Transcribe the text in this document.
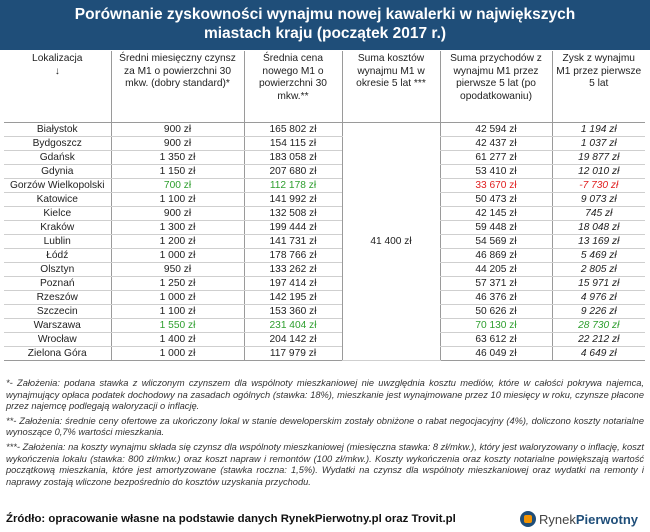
Porównanie zyskowności wynajmu nowej kawalerki w największych
miastach kraju (początek 2017 r.)
Lokalizacja
↓	Średni miesięczny czynsz za M1 o powierzchni 30 mkw. (dobry standard)*	Średnia cena nowego M1 o powierzchni 30 mkw.**	Suma kosztów wynajmu M1 w okresie 5 lat ***	Suma przychodów z wynajmu M1 przez pierwsze 5 lat (po opodatkowaniu)	Zysk z wynajmu M1 przez pierwsze 5 lat
Białystok	900 zł	165 802 zł	41 400 zł	42 594 zł	1 194 zł
Bydgoszcz	900 zł	154 115 zł		42 437 zł	1 037 zł
Gdańsk	1 350 zł	183 058 zł		61 277 zł	19 877 zł
Gdynia	1 150 zł	207 680 zł		53 410 zł	12 010 zł
Gorzów Wielkopolski	700 zł	112 178 zł		33 670 zł	-7 730 zł
Katowice	1 100 zł	141 992 zł		50 473 zł	9 073 zł
Kielce	900 zł	132 508 zł		42 145 zł	745 zł
Kraków	1 300 zł	199 444 zł		59 448 zł	18 048 zł
Lublin	1 200 zł	141 731 zł		54 569 zł	13 169 zł
Łódź	1 000 zł	178 766 zł		46 869 zł	5 469 zł
Olsztyn	950 zł	133 262 zł		44 205 zł	2 805 zł
Poznań	1 250 zł	197 414 zł		57 371 zł	15 971 zł
Rzeszów	1 000 zł	142 195 zł		46 376 zł	4 976 zł
Szczecin	1 100 zł	153 360 zł		50 626 zł	9 226 zł
Warszawa	1 550 zł	231 404 zł		70 130 zł	28 730 zł
Wrocław	1 400 zł	204 142 zł		63 612 zł	22 212 zł
Zielona Góra	1 000 zł	117 979 zł		46 049 zł	4 649 zł

*- Założenia: podana stawka z wliczonym czynszem dla wspólnoty mieszkaniowej nie uwzględnia kosztu mediów, które w całości pokrywa najemca, wynajmujący opłaca podatek dochodowy na zasadach ogólnych (stawka: 18%), mieszkanie jest wynajmowane przez 10 miesięcy w roku, czynsze płacone przez najemcę podlegają waloryzacji o inflację.

**- Założenia: średnie ceny ofertowe za ukończony lokal w stanie deweloperskim zostały obniżone o rabat negocjacyjny (4%), doliczono koszty notarialne wynoszące 0,7% wartości mieszkania.

***- Założenia: na koszty wynajmu składa się czynsz dla wspólnoty mieszkaniowej (miesięczna stawka: 8 zł/mkw.), który jest waloryzowany o inflację, koszt wykończenia lokalu (stawka: 800 zł/mkw.) oraz koszt napraw i remontów (100 zł/mkw.). Koszty wykończenia oraz koszty notarialne powiększają wartość początkową mieszkania, które jest amortyzowane (stawka roczna: 1,5%). Wydatki na czynsz dla wspólnoty mieszkaniowej oraz wydatki na remonty i naprawy zostają wliczone bezpośrednio do kosztów uzyskania przychodu.

Źródło: opracowanie własne na podstawie danych RynekPierwotny.pl oraz Trovit.pl	Rynek Pierwotny
